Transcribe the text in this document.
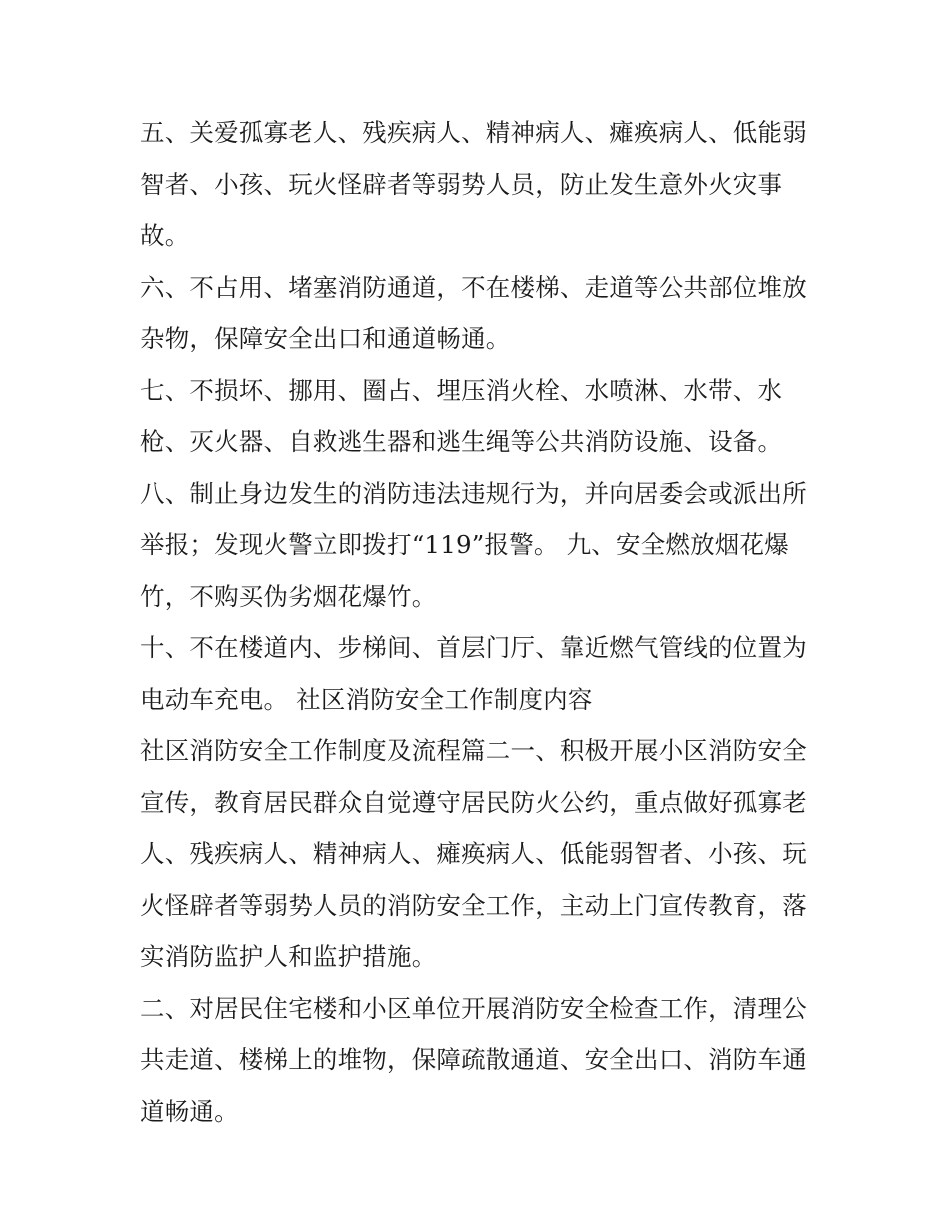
五、关爱孤寡老人、残疾病人、精神病人、瘫痪病人、低能弱智者、小孩、玩火怪辟者等弱势人员，防止发生意外火灾事故。

六、不占用、堵塞消防通道，不在楼梯、走道等公共部位堆放杂物，保障安全出口和通道畅通。

七、不损坏、挪用、圈占、埋压消火栓、水喷淋、水带、水枪、灭火器、自救逃生器和逃生绳等公共消防设施、设备。

八、制止身边发生的消防违法违规行为，并向居委会或派出所举报；发现火警立即拨打“119”报警。 九、安全燃放烟花爆竹，不购买伪劣烟花爆竹。

十、不在楼道内、步梯间、首层门厅、靠近燃气管线的位置为电动车充电。 社区消防安全工作制度内容

社区消防安全工作制度及流程篇二一、积极开展小区消防安全宣传，教育居民群众自觉遵守居民防火公约，重点做好孤寡老人、残疾病人、精神病人、瘫痪病人、低能弱智者、小孩、玩火怪辟者等弱势人员的消防安全工作，主动上门宣传教育，落实消防监护人和监护措施。

二、对居民住宅楼和小区单位开展消防安全检查工作，清理公共走道、楼梯上的堆物，保障疏散通道、安全出口、消防车通道畅通。
